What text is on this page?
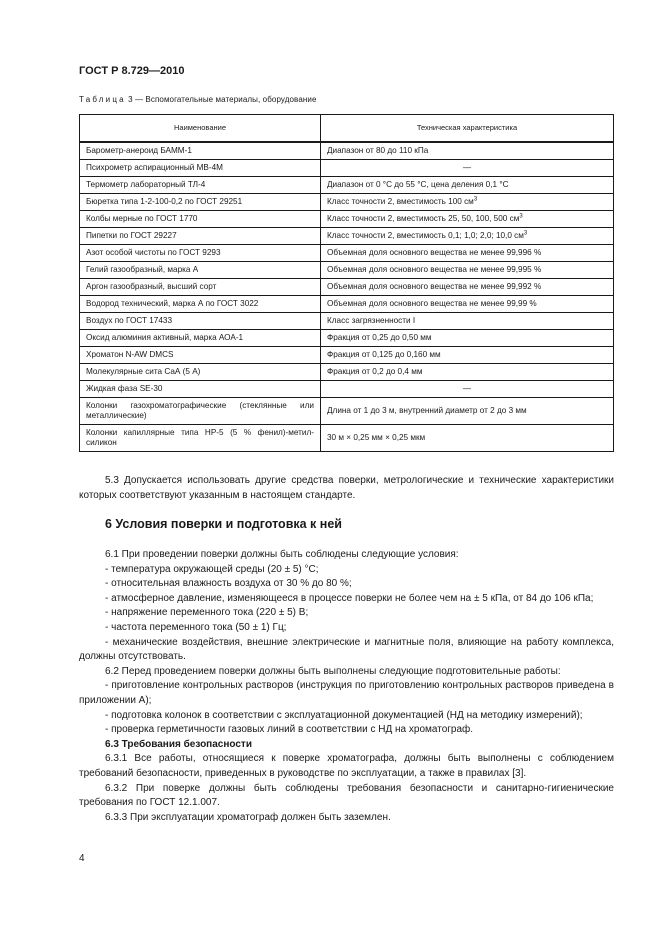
ГОСТ Р 8.729—2010
Таблица 3 — Вспомогательные материалы, оборудование
Наименование	Техническая характеристика
Барометр-анероид БАММ-1	Диапазон от 80 до 110 кПа
Психрометр аспирационный МВ-4М	—
Термометр лабораторный ТЛ-4	Диапазон от 0 °С до 55 °С, цена деления 0,1 °С
Бюретка типа 1-2-100-0,2 по ГОСТ 29251	Класс точности 2, вместимость 100 $см^3$
Колбы мерные по ГОСТ 1770	Класс точности 2, вместимость 25, 50, 100, 500 $см^3$
Пипетки по ГОСТ 29227	Класс точности 2, вместимость 0,1; 1,0; 2,0; 10,0 $см^3$
Азот особой чистоты по ГОСТ 9293	Объемная доля основного вещества не менее 99,996 %
Гелий газообразный, марка А	Объемная доля основного вещества не менее 99,995 %
Аргон газообразный, высший сорт	Объемная доля основного вещества не менее 99,992 %
Водород технический, марка А по ГОСТ 3022	Объемная доля основного вещества не менее 99,99 %
Воздух по ГОСТ 17433	Класс загрязненности I
Оксид алюминия активный, марка АОА-1	Фракция от 0,25 до 0,50 мм
Хроматон N-AW DMCS	Фракция от 0,125 до 0,160 мм
Молекулярные сита СаА (5 А)	Фракция от 0,2 до 0,4 мм
Жидкая фаза SE-30	—
Колонки газохроматографические (стеклянные или металлические)	Длина от 1 до 3 м, внутренний диаметр от 2 до 3 мм
Колонки капиллярные типа НР-5 (5 % фенил)-метил-силикон	30 м × 0,25 мм × 0,25 мкм

5.3 Допускается использовать другие средства поверки, метрологические и технические характеристики которых соответствуют указанным в настоящем стандарте.

6 Условия поверки и подготовка к ней

6.1 При проведении поверки должны быть соблюдены следующие условия:

- температура окружающей среды (20 ± 5) °С;

- относительная влажность воздуха от 30 % до 80 %;

- атмосферное давление, изменяющееся в процессе поверки не более чем на ± 5 кПа, от 84 до 106 кПа;

- напряжение переменного тока (220 ± 5) В;

- частота переменного тока (50 ± 1) Гц;

- механические воздействия, внешние электрические и магнитные поля, влияющие на работу комплекса, должны отсутствовать.

6.2 Перед проведением поверки должны быть выполнены следующие подготовительные работы:

- приготовление контрольных растворов (инструкция по приготовлению контрольных растворов приведена в приложении А);

- подготовка колонок в соответствии с эксплуатационной документацией (НД на методику измерений);

- проверка герметичности газовых линий в соответствии с НД на хроматограф.

6.3 Требования безопасности

6.3.1 Все работы, относящиеся к поверке хроматографа, должны быть выполнены с соблюдением требований безопасности, приведенных в руководстве по эксплуатации, а также в правилах [3].

6.3.2 При поверке должны быть соблюдены требования безопасности и санитарно-гигиенические требования по ГОСТ 12.1.007.

6.3.3 При эксплуатации хроматограф должен быть заземлен.

4
